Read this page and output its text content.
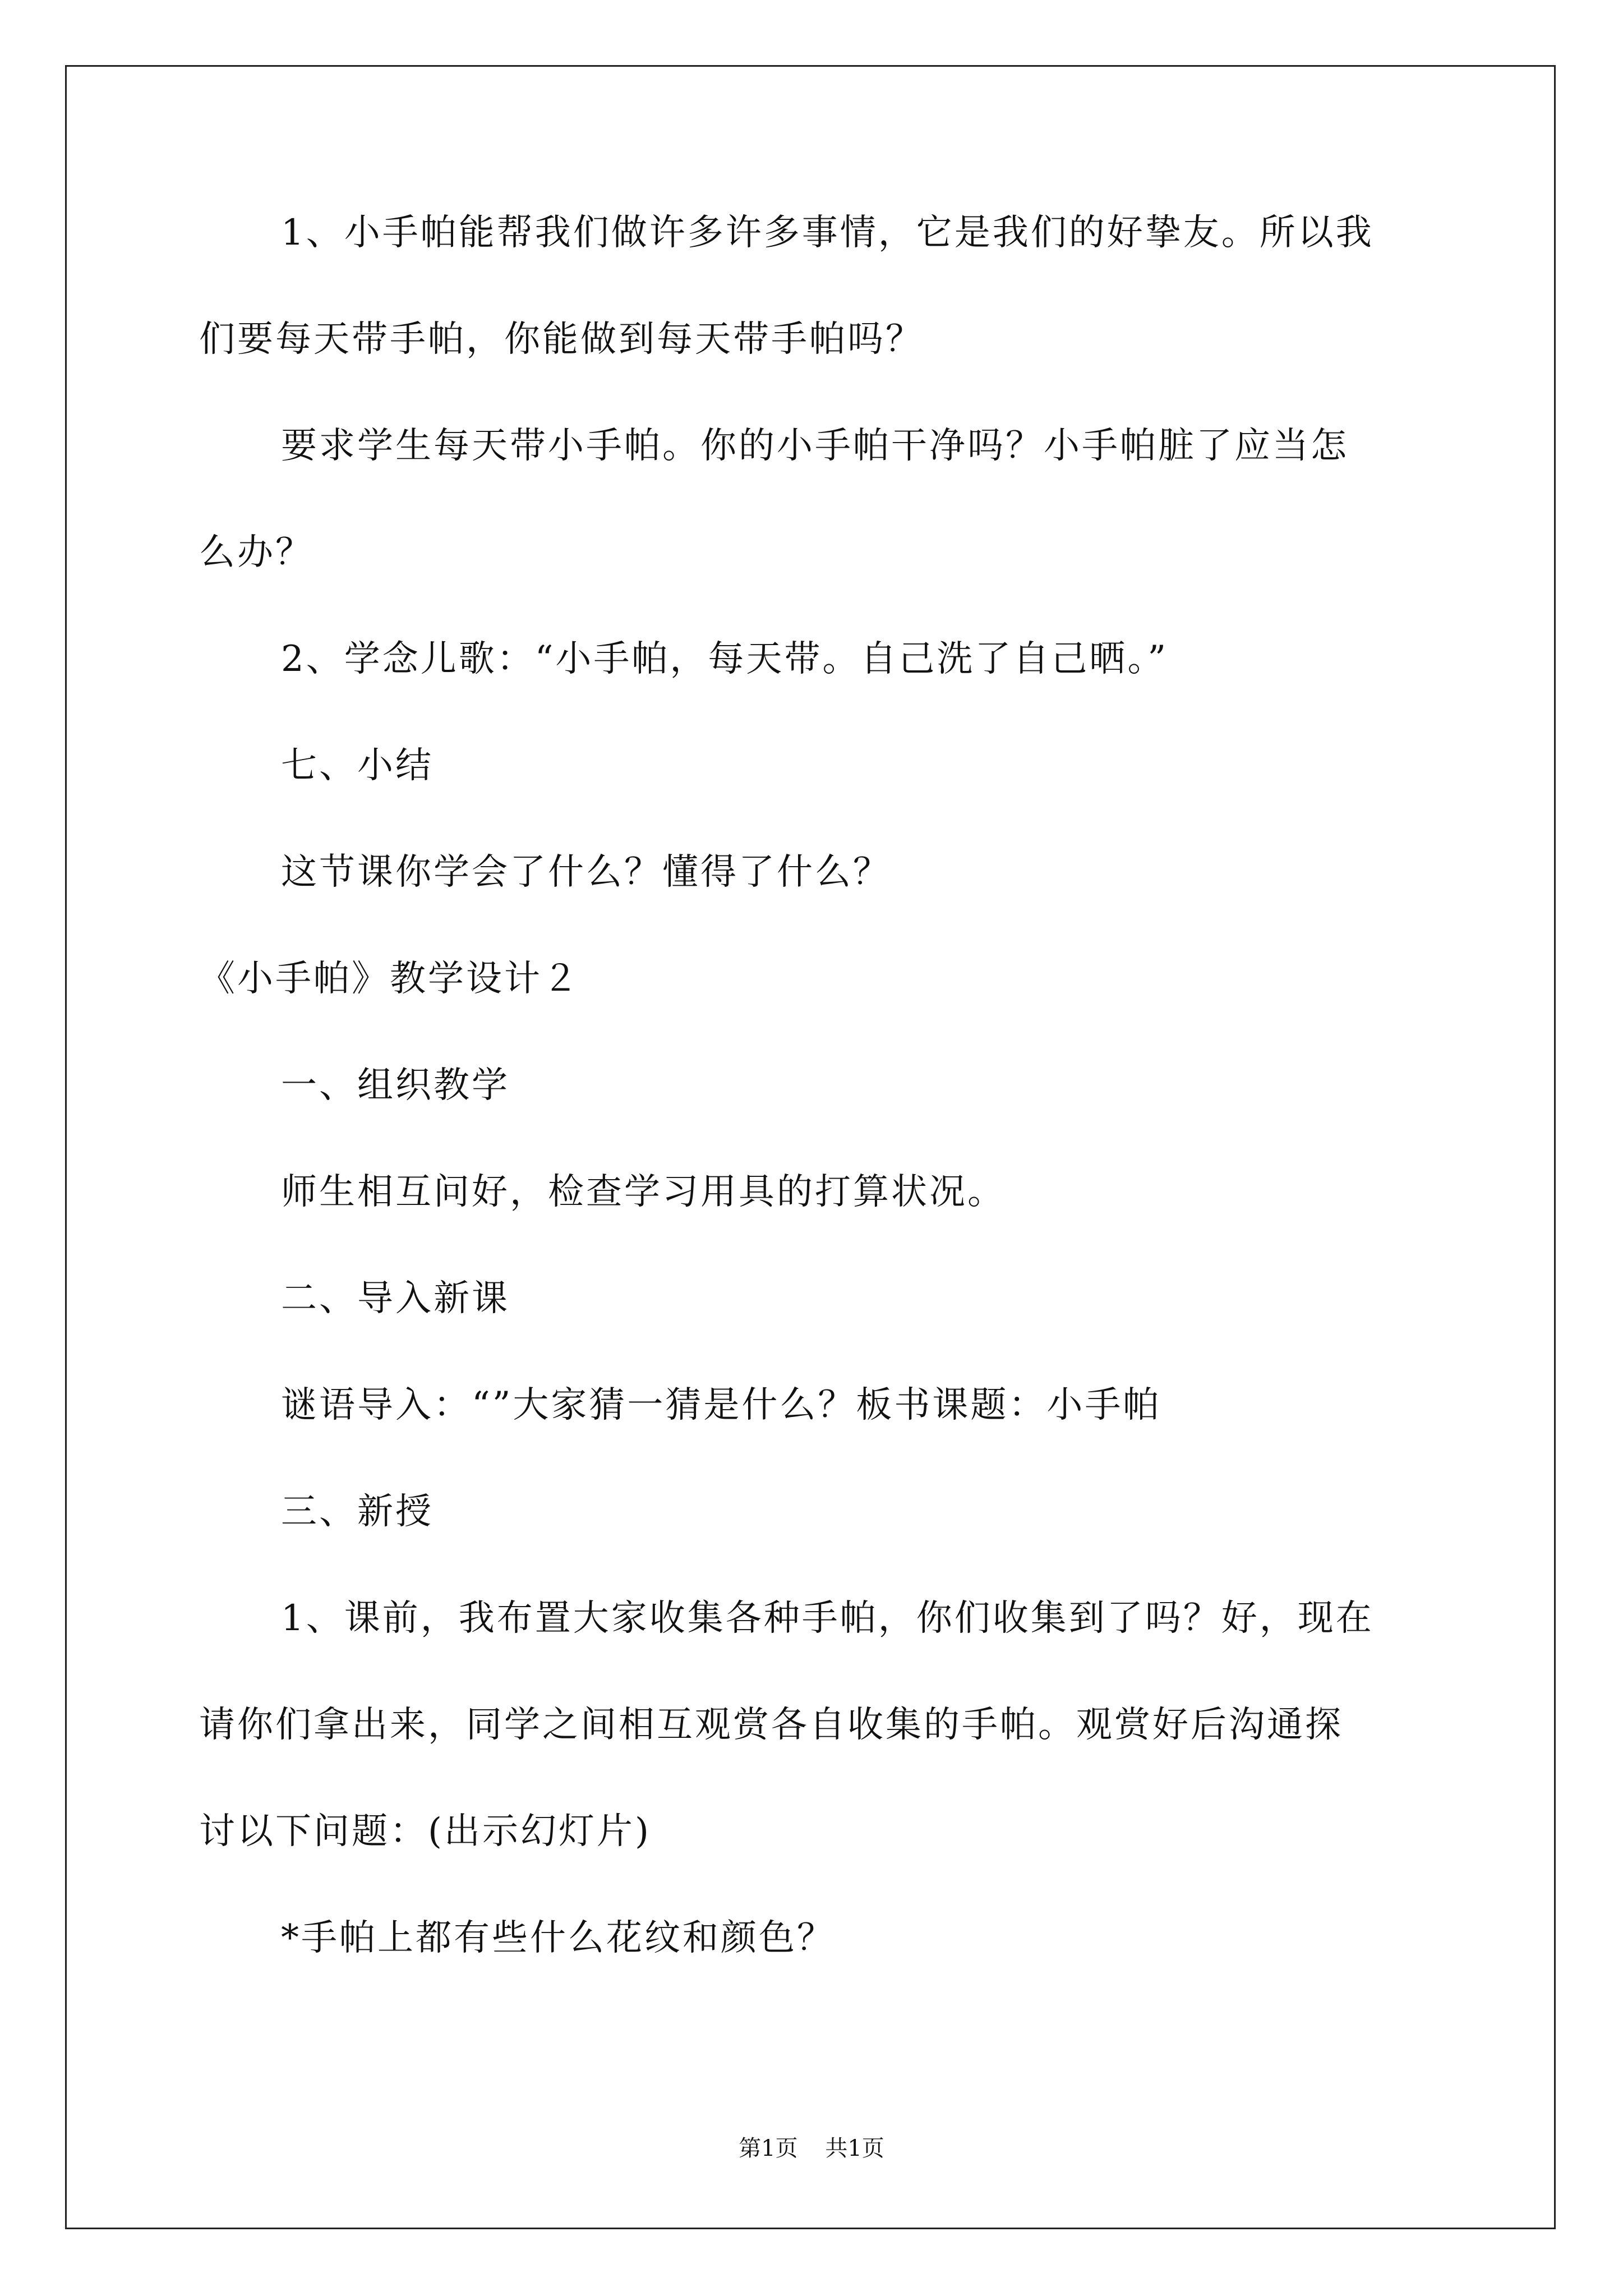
1、小手帕能帮我们做许多许多事情，它是我们的好挚友。所以我
们要每天带手帕，你能做到每天带手帕吗？
要求学生每天带小手帕。你的小手帕干净吗？小手帕脏了应当怎
么办？
2、学念儿歌：“小手帕，每天带。自己洗了自己晒。”
七、小结
这节课你学会了什么？懂得了什么？
《小手帕》教学设计２
一、组织教学
师生相互问好，检查学习用具的打算状况。
二、导入新课
谜语导入：“”大家猜一猜是什么？板书课题：小手帕
三、新授
1、课前，我布置大家收集各种手帕，你们收集到了吗？好，现在
请你们拿出来，同学之间相互观赏各自收集的手帕。观赏好后沟通探
讨以下问题：(出示幻灯片)
*手帕上都有些什么花纹和颜色？
第1页 共1页
